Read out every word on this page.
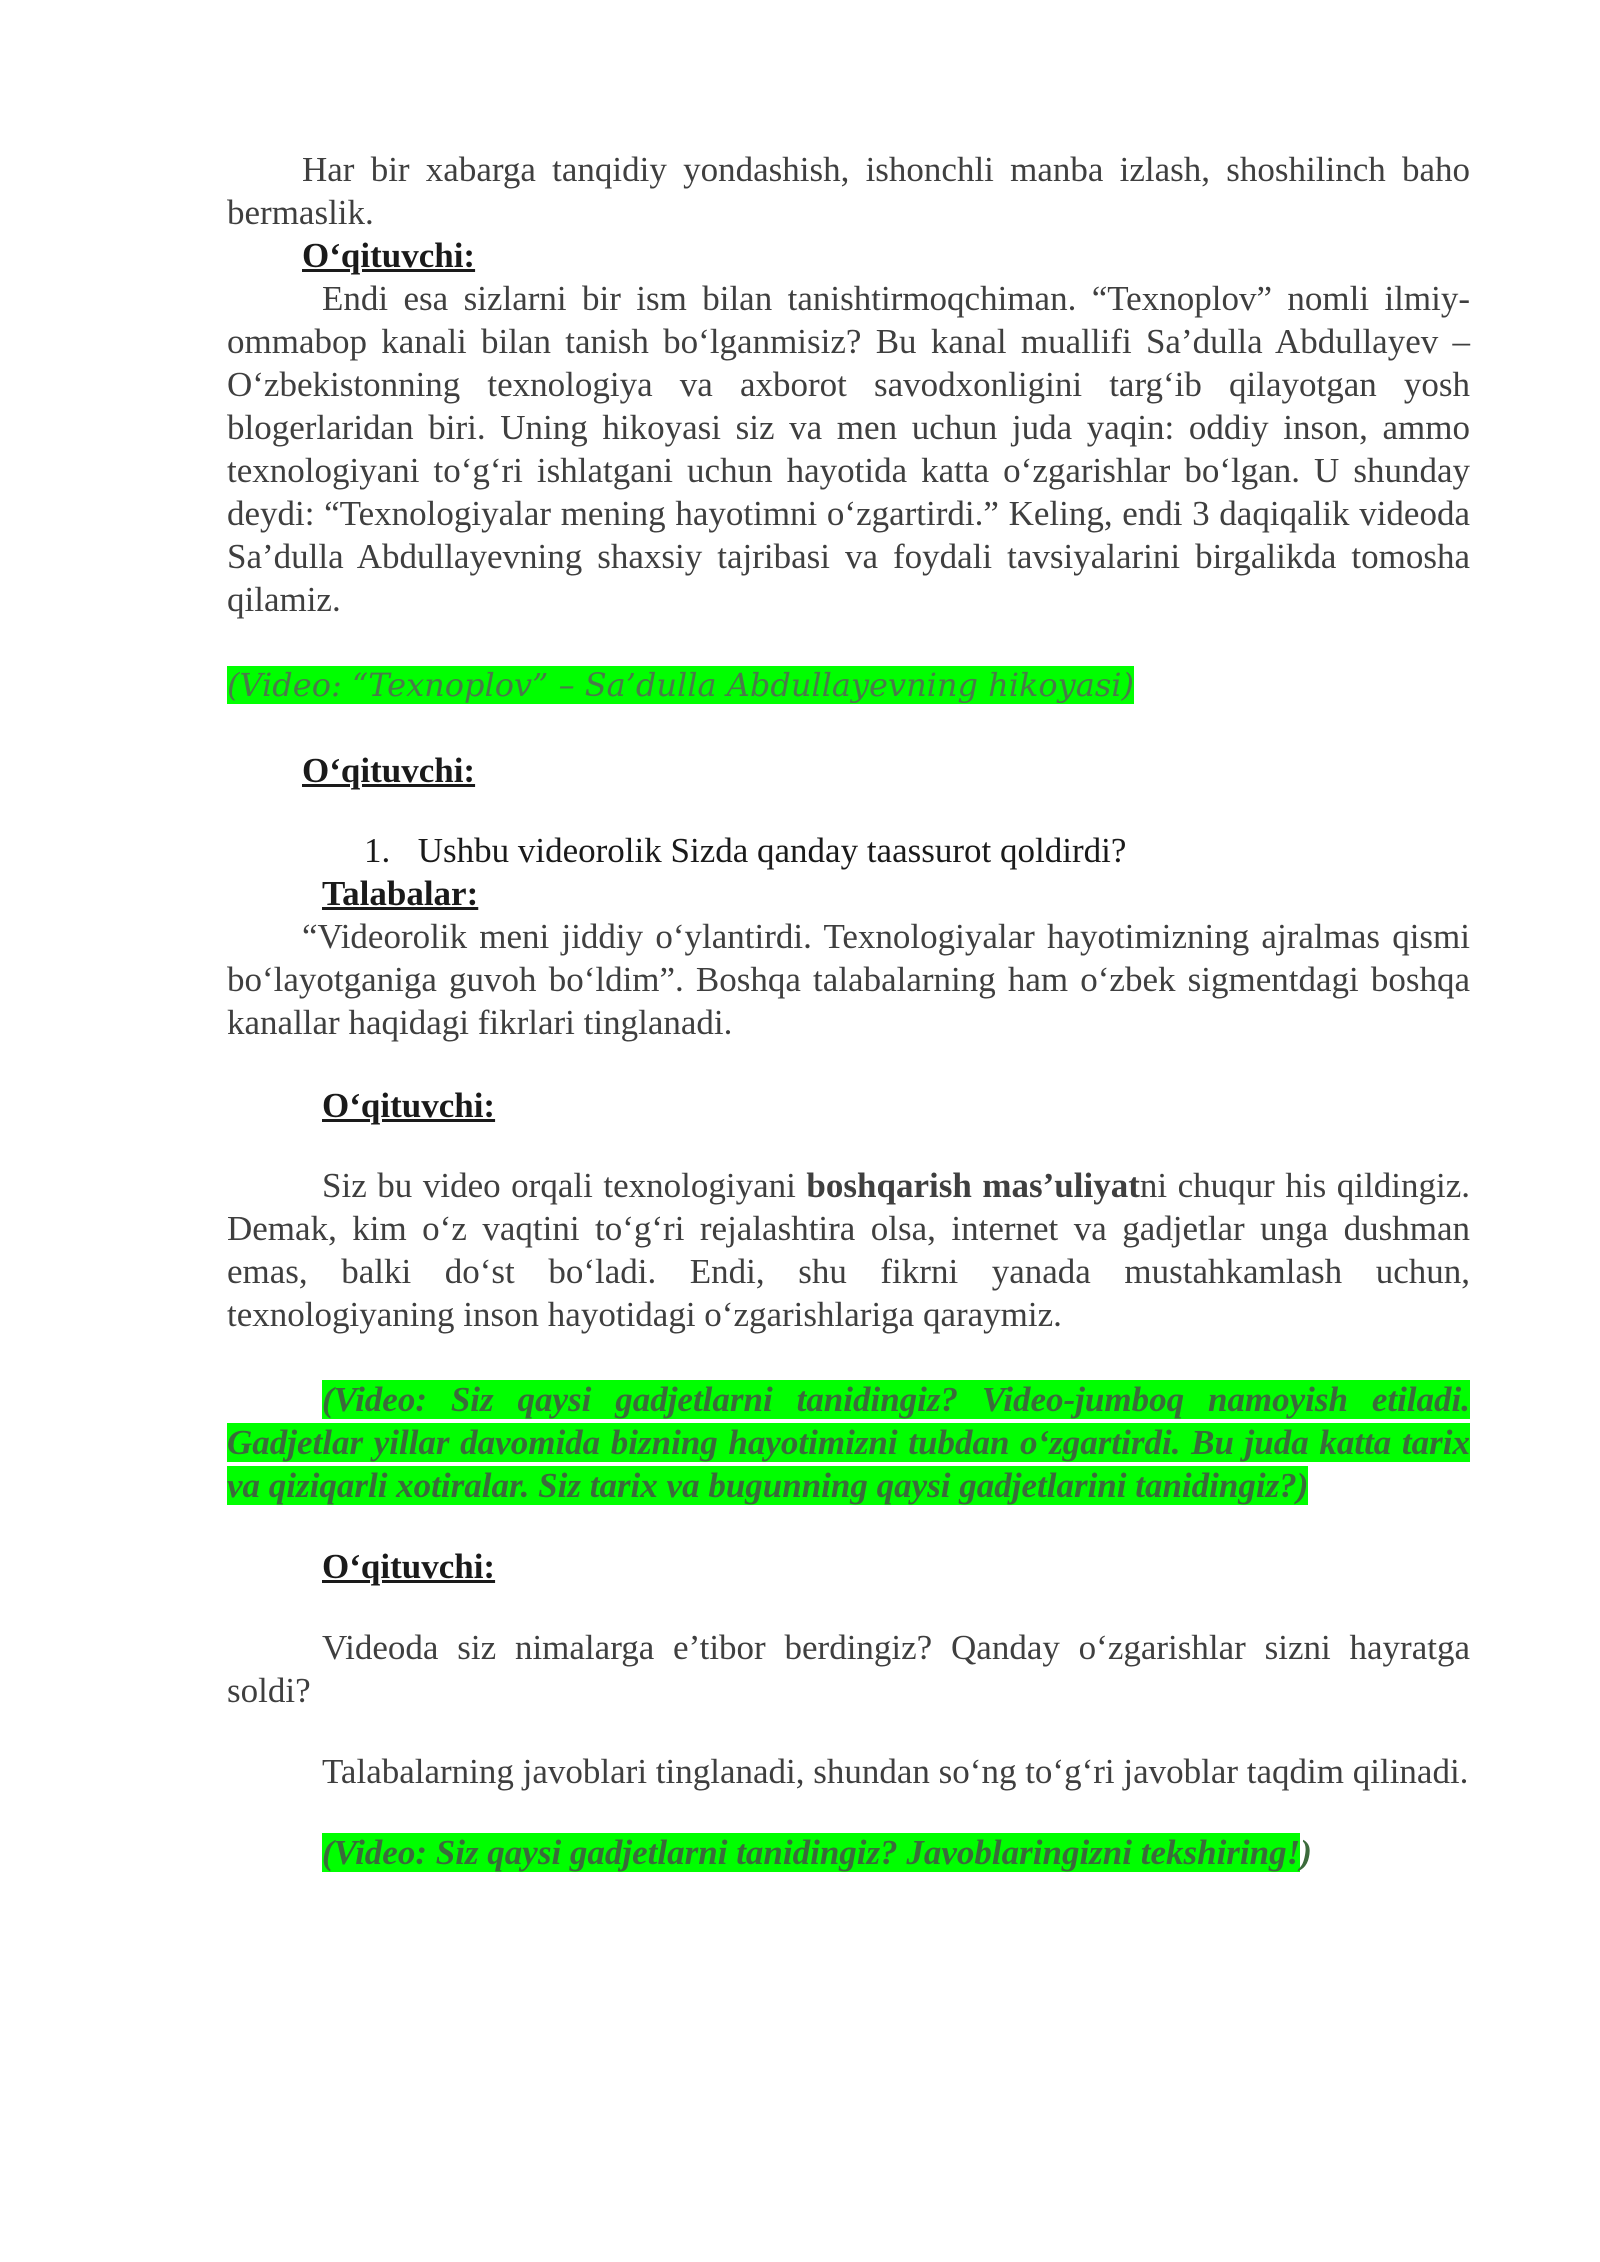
Har bir xabarga tanqidiy yondashish, ishonchli manba izlash, shoshilinch baho bermaslik.

O‘qituvchi:

Endi esa sizlarni bir ism bilan tanishtirmoqchiman. “Texnoplov” nomli ilmiy-ommabop kanali bilan tanish bo‘lganmisiz? Bu kanal muallifi Sa’dulla Abdullayev – O‘zbekistonning texnologiya va axborot savodxonligini targ‘ib qilayotgan yosh blogerlaridan biri. Uning hikoyasi siz va men uchun juda yaqin: oddiy inson, ammo texnologiyani to‘g‘ri ishlatgani uchun hayotida katta o‘zgarishlar bo‘lgan. U shunday deydi: “Texnologiyalar mening hayotimni o‘zgartirdi.” Keling, endi 3 daqiqalik videoda Sa’dulla Abdullayevning shaxsiy tajribasi va foydali tavsiyalarini birgalikda tomosha qilamiz.

(Video: “Texnoplov” – Sa’dulla Abdullayevning hikoyasi)

O‘qituvchi:

1. Ushbu videorolik Sizda qanday taassurot qoldirdi?

Talabalar:

“Videorolik meni jiddiy o‘ylantirdi. Texnologiyalar hayotimizning ajralmas qismi bo‘layotganiga guvoh bo‘ldim”. Boshqa talabalarning ham o‘zbek sigmentdagi boshqa kanallar haqidagi fikrlari tinglanadi.

O‘qituvchi:

Siz bu video orqali texnologiyani boshqarish mas’uliyatni chuqur his qildingiz. Demak, kim o‘z vaqtini to‘g‘ri rejalashtira olsa, internet va gadjetlar unga dushman emas, balki do‘st bo‘ladi. Endi, shu fikrni yanada mustahkamlash uchun, texnologiyaning inson hayotidagi o‘zgarishlariga qaraymiz.

(Video: Siz qaysi gadjetlarni tanidingiz? Video-jumboq namoyish etiladi. Gadjetlar yillar davomida bizning hayotimizni tubdan o‘zgartirdi. Bu juda katta tarix va qiziqarli xotiralar. Siz tarix va bugunning qaysi gadjetlarini tanidingiz?)

O‘qituvchi:

Videoda siz nimalarga e’tibor berdingiz? Qanday o‘zgarishlar sizni hayratga soldi?

Talabalarning javoblari tinglanadi, shundan so‘ng to‘g‘ri javoblar taqdim qilinadi.

(Video: Siz qaysi gadjetlarni tanidingiz? Javoblaringizni tekshiring!)
